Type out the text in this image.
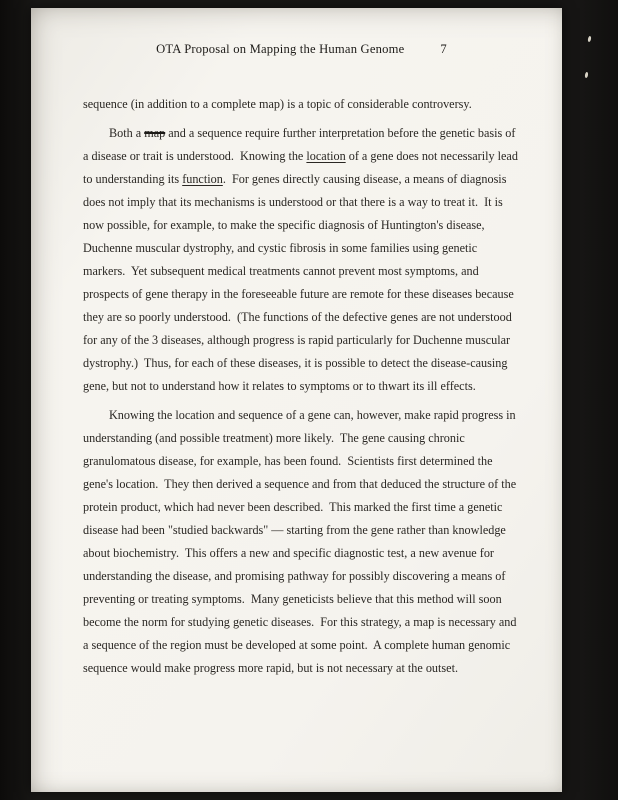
OTA Proposal on Mapping the Human Genome	7

sequence (in addition to a complete map) is a topic of considerable controversy.

Both a map and a sequence require further interpretation before the genetic basis of a disease or trait is understood.  Knowing the location of a gene does not necessarily lead to understanding its function.  For genes directly causing disease, a means of diagnosis does not imply that its mechanisms is understood or that there is a way to treat it.  It is now possible, for example, to make the specific diagnosis of Huntington's disease, Duchenne muscular dystrophy, and cystic fibrosis in some families using genetic markers.  Yet subsequent medical treatments cannot prevent most symptoms, and prospects of gene therapy in the foreseeable future are remote for these diseases because they are so poorly understood.  (The functions of the defective genes are not understood for any of the 3 diseases, although progress is rapid particularly for Duchenne muscular dystrophy.)  Thus, for each of these diseases, it is possible to detect the disease-causing gene, but not to understand how it relates to symptoms or to thwart its ill effects.

Knowing the location and sequence of a gene can, however, make rapid progress in understanding (and possible treatment) more likely.  The gene causing chronic granulomatous disease, for example, has been found.  Scientists first determined the gene's location.  They then derived a sequence and from that deduced the structure of the protein product, which had never been described.  This marked the first time a genetic disease had been "studied backwards" — starting from the gene rather than knowledge about biochemistry.  This offers a new and specific diagnostic test, a new avenue for understanding the disease, and promising pathway for possibly discovering a means of preventing or treating symptoms.  Many geneticists believe that this method will soon become the norm for studying genetic diseases.  For this strategy, a map is necessary and a sequence of the region must be developed at some point.  A complete human genomic sequence would make progress more rapid, but is not necessary at the outset.
